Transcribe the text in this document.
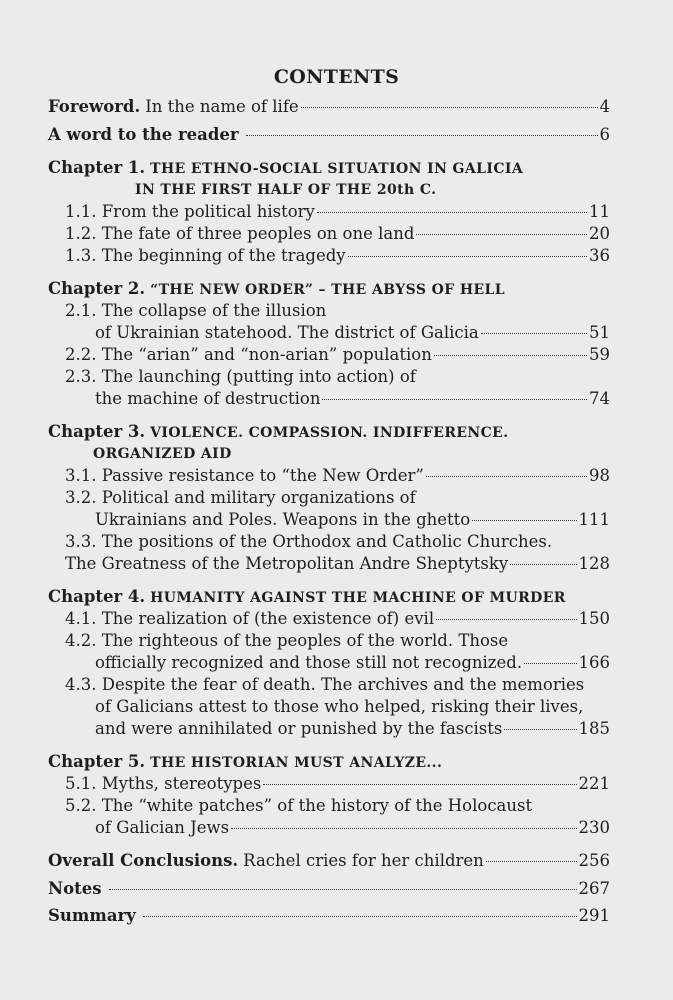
CONTENTS
Foreword. In the name of life	4
A word to the reader	6
Chapter 1. THE ETHNO-SOCIAL SITUATION IN GALICIA
IN THE FIRST HALF OF THE 20th C.
1.1. From the political history	11
1.2. The fate of three peoples on one land	20
1.3. The beginning of the tragedy	36
Chapter 2. “THE NEW ORDER” – THE ABYSS OF HELL
2.1. The collapse of the illusion
of Ukrainian statehood. The district of Galicia	51
2.2. The “arian” and “non-arian” population	59
2.3. The launching (putting into action) of
the machine of destruction	74
Chapter 3. VIOLENCE. COMPASSION. INDIFFERENCE.
ORGANIZED AID
3.1. Passive resistance to “the New Order”	98
3.2. Political and military organizations of
Ukrainians and Poles. Weapons in the ghetto	111
3.3. The positions of the Orthodox and Catholic Churches.
The Greatness of the Metropolitan Andre Sheptytsky	128
Chapter 4. HUMANITY AGAINST THE MACHINE OF MURDER
4.1. The realization of (the existence of) evil	150
4.2. The righteous of the peoples of the world. Those
officially recognized and those still not recognized.	166
4.3. Despite the fear of death. The archives and the memories
of Galicians attest to those who helped, risking their lives,
and were annihilated or punished by the fascists	185
Chapter 5. THE HISTORIAN MUST ANALYZE...
5.1. Myths, stereotypes	221
5.2. The “white patches” of the history of the Holocaust
of Galician Jews	230
Overall Conclusions. Rachel cries for her children	256
Notes	267
Summary	291
